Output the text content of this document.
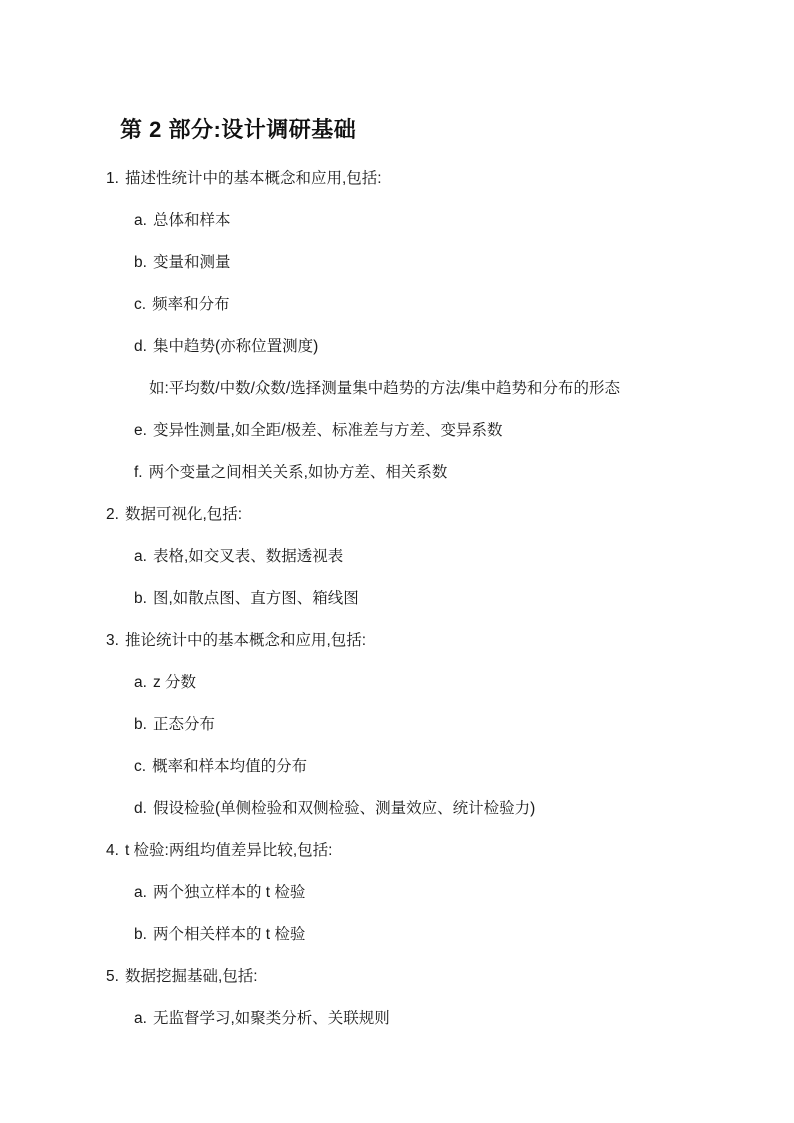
第 2 部分:设计调研基础
1. 描述性统计中的基本概念和应用,包括:
a. 总体和样本
b. 变量和测量
c. 频率和分布
d. 集中趋势(亦称位置测度)
如:平均数/中数/众数/选择测量集中趋势的方法/集中趋势和分布的形态
e. 变异性测量,如全距/极差、标准差与方差、变异系数
f. 两个变量之间相关关系,如协方差、相关系数
2. 数据可视化,包括:
a. 表格,如交叉表、数据透视表
b. 图,如散点图、直方图、箱线图
3. 推论统计中的基本概念和应用,包括:
a. z 分数
b. 正态分布
c. 概率和样本均值的分布
d. 假设检验(单侧检验和双侧检验、测量效应、统计检验力)
4. t 检验:两组均值差异比较,包括:
a. 两个独立样本的 t 检验
b. 两个相关样本的 t 检验
5. 数据挖掘基础,包括:
a. 无监督学习,如聚类分析、关联规则
